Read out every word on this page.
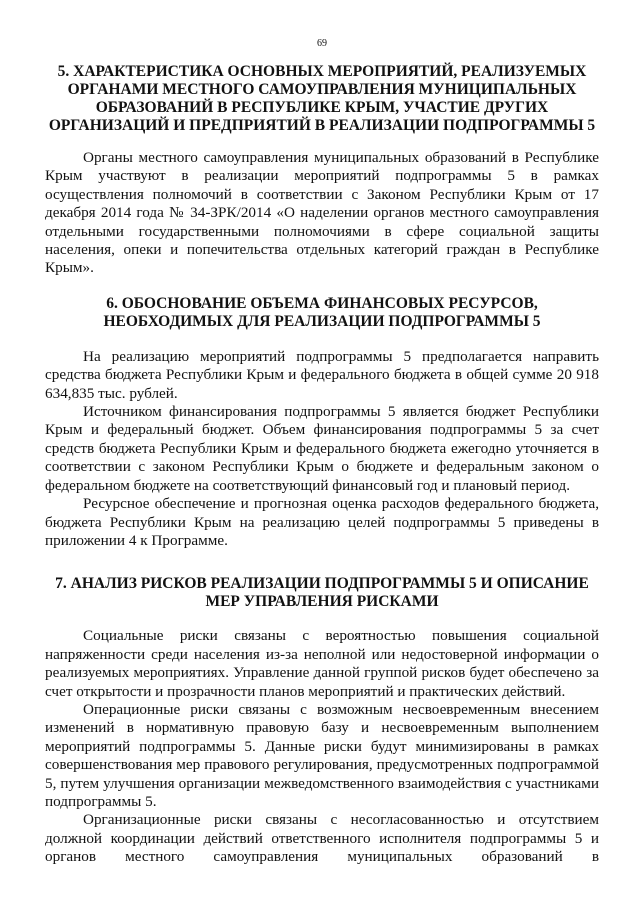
69
5. ХАРАКТЕРИСТИКА ОСНОВНЫХ МЕРОПРИЯТИЙ, РЕАЛИЗУЕМЫХ
ОРГАНАМИ МЕСТНОГО САМОУПРАВЛЕНИЯ МУНИЦИПАЛЬНЫХ
ОБРАЗОВАНИЙ В РЕСПУБЛИКЕ КРЫМ, УЧАСТИЕ ДРУГИХ
ОРГАНИЗАЦИЙ И ПРЕДПРИЯТИЙ В РЕАЛИЗАЦИИ ПОДПРОГРАММЫ 5

Органы местного самоуправления муниципальных образований в Республике Крым участвуют в реализации мероприятий подпрограммы 5 в рамках осуществления полномочий в соответствии с Законом Республики Крым от 17 декабря 2014 года № 34-ЗРК/2014 «О наделении органов местного самоуправления отдельными государственными полномочиями в сфере социальной защиты населения, опеки и попечительства отдельных категорий граждан в Республике Крым».

6. ОБОСНОВАНИЕ ОБЪЕМА ФИНАНСОВЫХ РЕСУРСОВ,
НЕОБХОДИМЫХ ДЛЯ РЕАЛИЗАЦИИ ПОДПРОГРАММЫ 5

На реализацию мероприятий подпрограммы 5 предполагается направить средства бюджета Республики Крым и федерального бюджета в общей сумме 20 918 634,835 тыс. рублей.

Источником финансирования подпрограммы 5 является бюджет Республики Крым и федеральный бюджет. Объем финансирования подпрограммы 5 за счет средств бюджета Республики Крым и федерального бюджета ежегодно уточняется в соответствии с законом Республики Крым о бюджете и федеральным законом о федеральном бюджете на соответствующий финансовый год и плановый период.

Ресурсное обеспечение и прогнозная оценка расходов федерального бюджета, бюджета Республики Крым на реализацию целей подпрограммы 5 приведены в приложении 4 к Программе.

7. АНАЛИЗ РИСКОВ РЕАЛИЗАЦИИ ПОДПРОГРАММЫ 5 И ОПИСАНИЕ
МЕР УПРАВЛЕНИЯ РИСКАМИ

Социальные риски связаны с вероятностью повышения социальной напряженности среди населения из-за неполной или недостоверной информации о реализуемых мероприятиях. Управление данной группой рисков будет обеспечено за счет открытости и прозрачности планов мероприятий и практических действий.

Операционные риски связаны с возможным несвоевременным внесением изменений в нормативную правовую базу и несвоевременным выполнением мероприятий подпрограммы 5. Данные риски будут минимизированы в рамках совершенствования мер правового регулирования, предусмотренных подпрограммой 5, путем улучшения организации межведомственного взаимодействия с участниками подпрограммы 5.

Организационные риски связаны с несогласованностью и отсутствием должной координации действий ответственного исполнителя подпрограммы 5 и органов местного самоуправления муниципальных образований в
